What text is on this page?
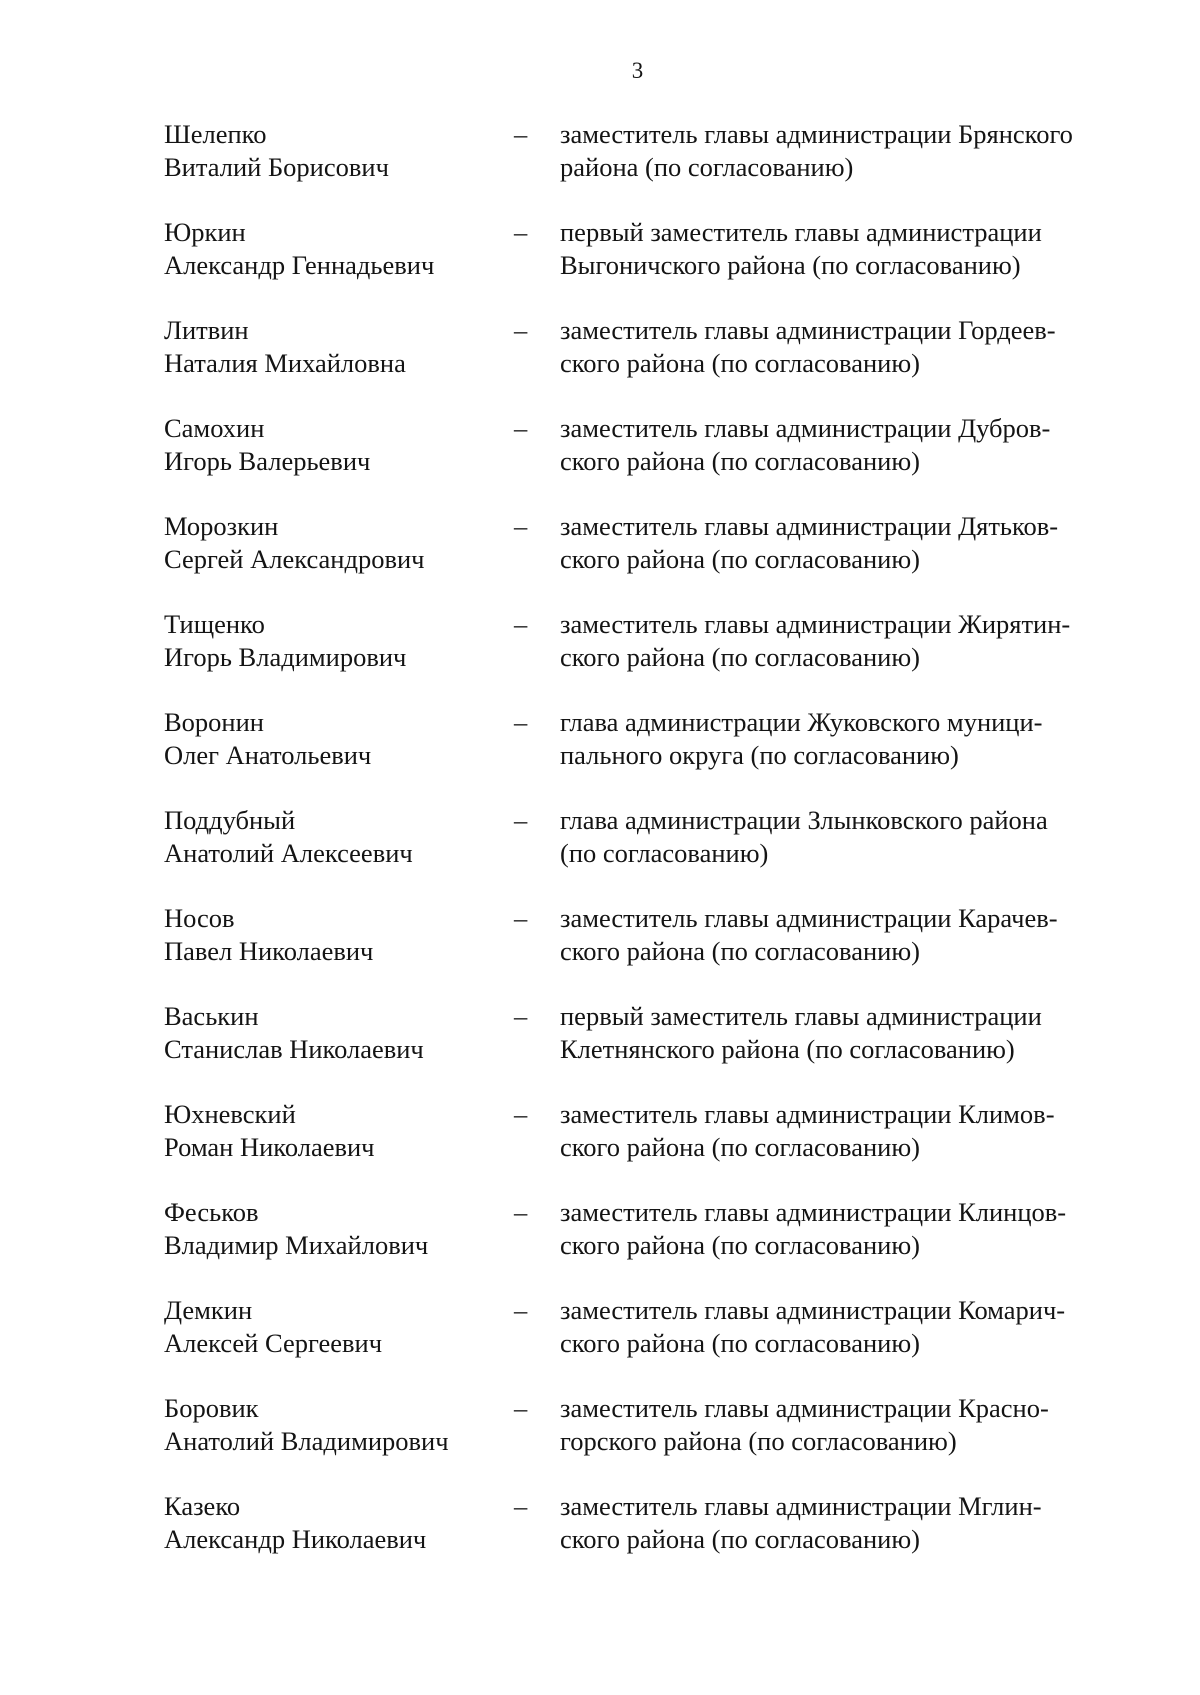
3
Шелепко
Виталий Борисович
– заместитель главы администрации Брянского
района (по согласованию)
Юркин
Александр Геннадьевич
– первый заместитель главы администрации
Выгоничского района (по согласованию)
Литвин
Наталия Михайловна
– заместитель главы администрации Гордеев-
ского района (по согласованию)
Самохин
Игорь Валерьевич
– заместитель главы администрации Дубров-
ского района (по согласованию)
Морозкин
Сергей Александрович
– заместитель главы администрации Дятьков-
ского района (по согласованию)
Тищенко
Игорь Владимирович
– заместитель главы администрации Жирятин-
ского района (по согласованию)
Воронин
Олег Анатольевич
– глава администрации Жуковского муници-
пального округа (по согласованию)
Поддубный
Анатолий Алексеевич
– глава администрации Злынковского района
(по согласованию)
Носов
Павел Николаевич
– заместитель главы администрации Карачев-
ского района (по согласованию)
Васькин
Станислав Николаевич
– первый заместитель главы администрации
Клетнянского района (по согласованию)
Юхневский
Роман Николаевич
– заместитель главы администрации Климов-
ского района (по согласованию)
Феськов
Владимир Михайлович
– заместитель главы администрации Клинцов-
ского района (по согласованию)
Демкин
Алексей Сергеевич
– заместитель главы администрации Комарич-
ского района (по согласованию)
Боровик
Анатолий Владимирович
– заместитель главы администрации Красно-
горского района (по согласованию)
Казеко
Александр Николаевич
– заместитель главы администрации Мглин-
ского района (по согласованию)
